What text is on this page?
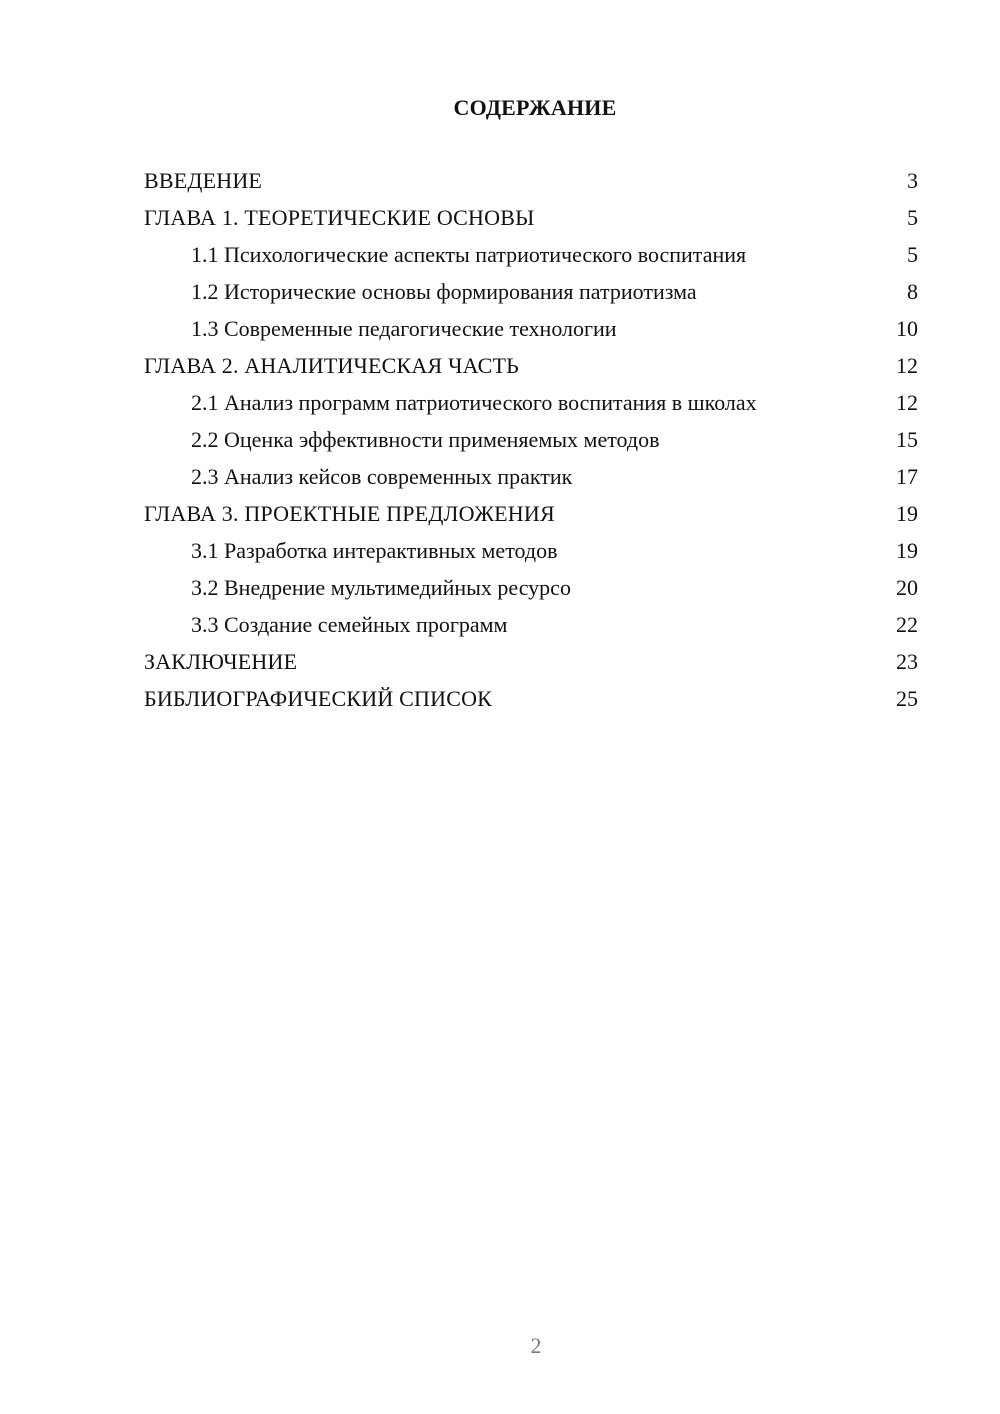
СОДЕРЖАНИЕ
ВВЕДЕНИЕ	3
ГЛАВА 1. ТЕОРЕТИЧЕСКИЕ ОСНОВЫ	5
1.1 Психологические аспекты патриотического воспитания	5
1.2 Исторические основы формирования патриотизма	8
1.3 Современные педагогические технологии	10
ГЛАВА 2. АНАЛИТИЧЕСКАЯ ЧАСТЬ	12
2.1 Анализ программ патриотического воспитания в школах	12
2.2 Оценка эффективности применяемых методов	15
2.3 Анализ кейсов современных практик	17
ГЛАВА 3. ПРОЕКТНЫЕ ПРЕДЛОЖЕНИЯ	19
3.1 Разработка интерактивных методов	19
3.2 Внедрение мультимедийных ресурсо	20
3.3 Создание семейных программ	22
ЗАКЛЮЧЕНИЕ	23
БИБЛИОГРАФИЧЕСКИЙ СПИСОК	25
2
